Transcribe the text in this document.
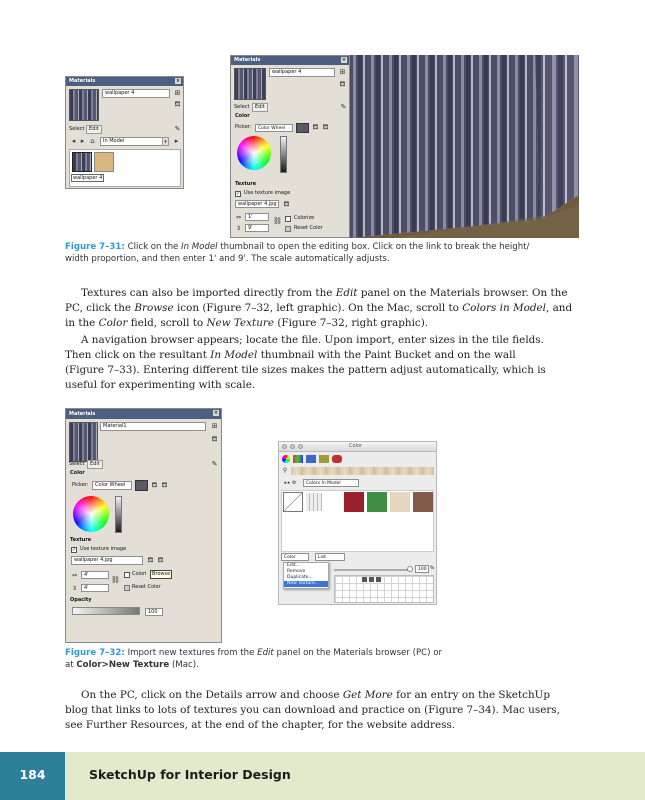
Materials	×
wallpaper 4	⊞
⛾
Select Edit	✎
◂ ▸ ⌂	In Model	▾	▸
wallpaper 4
Materials	×
wallpaper 4	⊞
⛾
Select	Edit	✎
Color
Picker:	Color Wheel	⛾ ⛾
Texture
✓ Use texture image
wallpaper 4.jpg	⛾
⇔	1'
⇕	9'
⛓ Colorize
Reset Color
Figure 7–31: Click on the In Model thumbnail to open the editing box. Click on the link to break the height/
width proportion, and then enter 1' and 9'. The scale automatically adjusts.

Textures can also be imported directly from the Edit panel on the Materials browser. On the
PC, click the Browse icon (Figure 7–32, left graphic). On the Mac, scroll to Colors in Model, and
in the Color field, scroll to New Texture (Figure 7–32, right graphic).

A navigation browser appears; locate the file. Upon import, enter sizes in the tile fields.

Then click on the resultant In Model thumbnail with the Paint Bucket and on the wall
(Figure 7–33). Entering different tile sizes makes the pattern adjust automatically, which is
useful for experimenting with scale.
Materials	×
Material1	⊞
⛾
Select	Edit	✎
Color
Picker:	Color Wheel	⛾ ⛾
Texture
✓ Use texture image
wallpaper 4.jpg	⛾ ⛾
⇔	4'
⇕	4'
⛓
Colori	Browse
Reset Color
Opacity
100
Color
⚲
◂ ▸ ⚙	Colors In Model
Color	List
Edit...
Remove
Duplicate...
New Texture...
100 %
Figure 7–32: Import new textures from the Edit panel on the Materials browser (PC) or
at Color>New Texture (Mac).

On the PC, click on the Details arrow and choose Get More for an entry on the SketchUp

blog that links to lots of textures you can download and practice on (Figure 7–34). Mac users,
see Further Resources, at the end of the chapter, for the website address.
184	SketchUp for Interior Design
